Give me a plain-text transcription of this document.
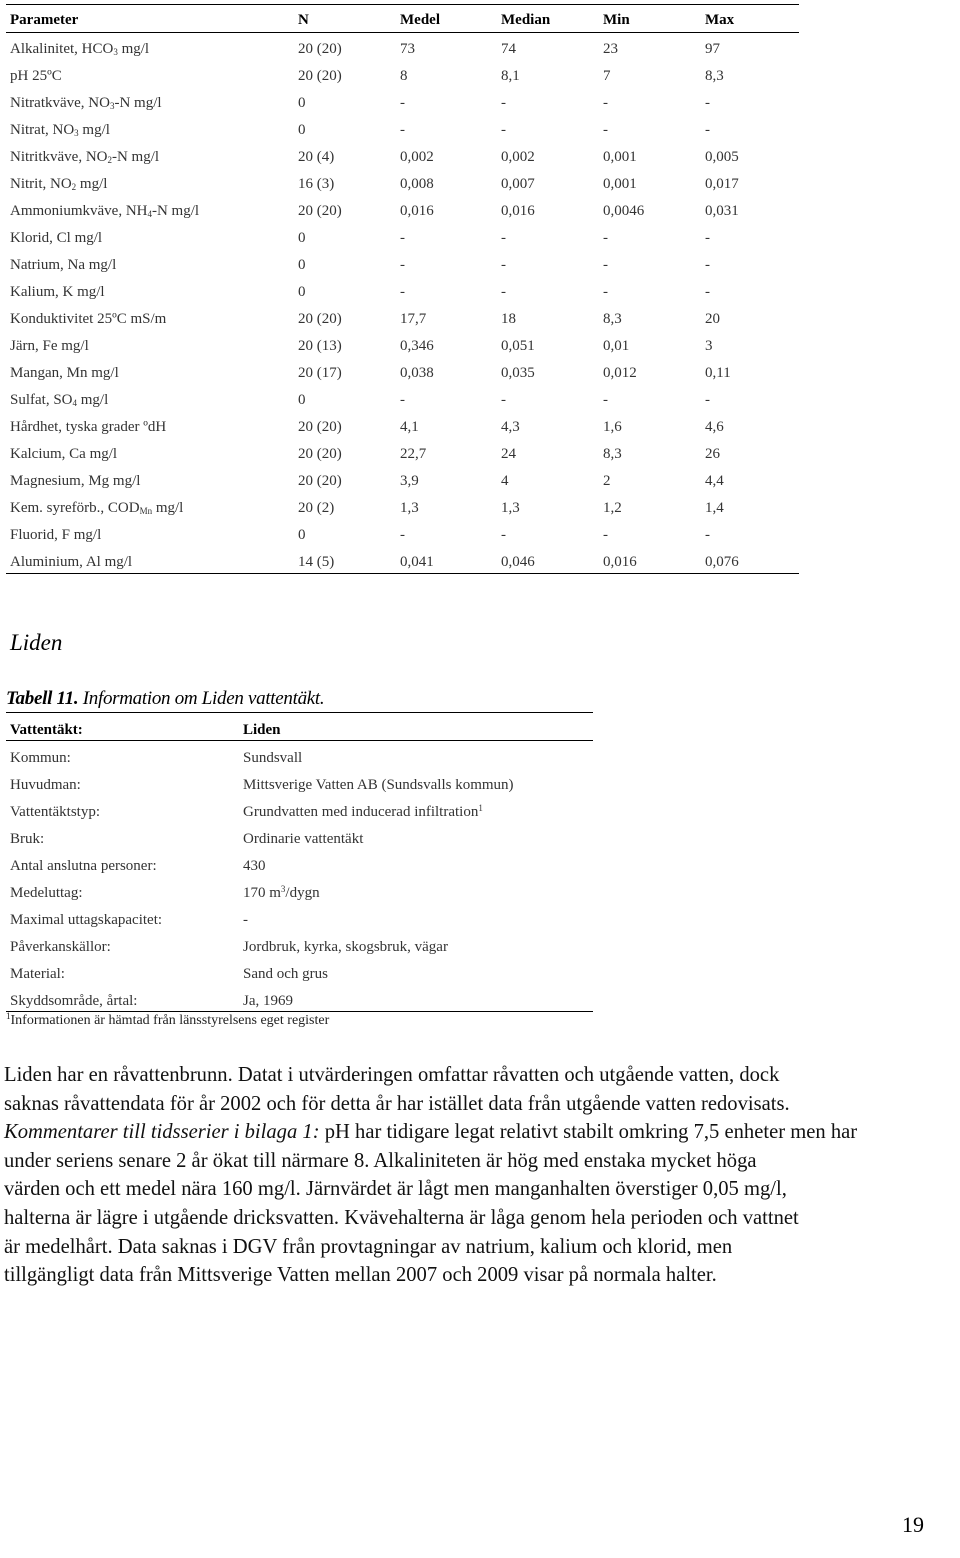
Parameter	N	Medel	Median	Min	Max
Alkalinitet, $HCO_3$ mg/l	20 (20)	73	74	23	97
pH 25ºC	20 (20)	8	8,1	7	8,3
Nitratkväve, $NO_3-N$ mg/l	0	-	-	-	-
Nitrat, $NO_3$ mg/l	0	-	-	-	-
Nitritkväve, $NO_2-N$ mg/l	20 (4)	0,002	0,002	0,001	0,005
Nitrit, $NO_2$ mg/l	16 (3)	0,008	0,007	0,001	0,017
Ammoniumkväve, $NH_4-N$ mg/l	20 (20)	0,016	0,016	0,0046	0,031
Klorid, Cl mg/l	0	-	-	-	-
Natrium, Na mg/l	0	-	-	-	-
Kalium, K mg/l	0	-	-	-	-
Konduktivitet 25ºC mS/m	20 (20)	17,7	18	8,3	20
Järn, Fe mg/l	20 (13)	0,346	0,051	0,01	3
Mangan, Mn mg/l	20 (17)	0,038	0,035	0,012	0,11
Sulfat, $SO_4$ mg/l	0	-	-	-	-
Hårdhet, tyska grader ºdH	20 (20)	4,1	4,3	1,6	4,6
Kalcium, Ca mg/l	20 (20)	22,7	24	8,3	26
Magnesium, Mg mg/l	20 (20)	3,9	4	2	4,4
Kem. syreförb., $COD_{Mn}$ mg/l	20 (2)	1,3	1,3	1,2	1,4
Fluorid, F mg/l	0	-	-	-	-
Aluminium, Al mg/l	14 (5)	0,041	0,046	0,016	0,076
Liden
Tabell 11. Information om Liden vattentäkt.
Vattentäkt:	Liden
Kommun:	Sundsvall
Huvudman:	Mittsverige Vatten AB (Sundsvalls kommun)
Vattentäktstyp:	Grundvatten med inducerad infiltration$^1$
Bruk:	Ordinarie vattentäkt
Antal anslutna personer:	430
Medeluttag:	170 $m^3$/dygn
Maximal uttagskapacitet:	-
Påverkanskällor:	Jordbruk, kyrka, skogsbruk, vägar
Material:	Sand och grus
Skyddsområde, årtal:	Ja, 1969
$^1$Informationen är hämtad från länsstyrelsens eget register
Liden har en råvattenbrunn. Datat i utvärderingen omfattar råvatten och utgående vatten, dock
saknas råvattendata för år 2002 och för detta år har istället data från utgående vatten redovisats.
Kommentarer till tidsserier i bilaga 1: pH har tidigare legat relativt stabilt omkring 7,5 enheter men har
under seriens senare 2 år ökat till närmare 8. Alkaliniteten är hög med enstaka mycket höga
värden och ett medel nära 160 mg/l. Järnvärdet är lågt men manganhalten överstiger 0,05 mg/l,
halterna är lägre i utgående dricksvatten. Kvävehalterna är låga genom hela perioden och vattnet
är medelhårt. Data saknas i DGV från provtagningar av natrium, kalium och klorid, men
tillgängligt data från Mittsverige Vatten mellan 2007 och 2009 visar på normala halter.
19
